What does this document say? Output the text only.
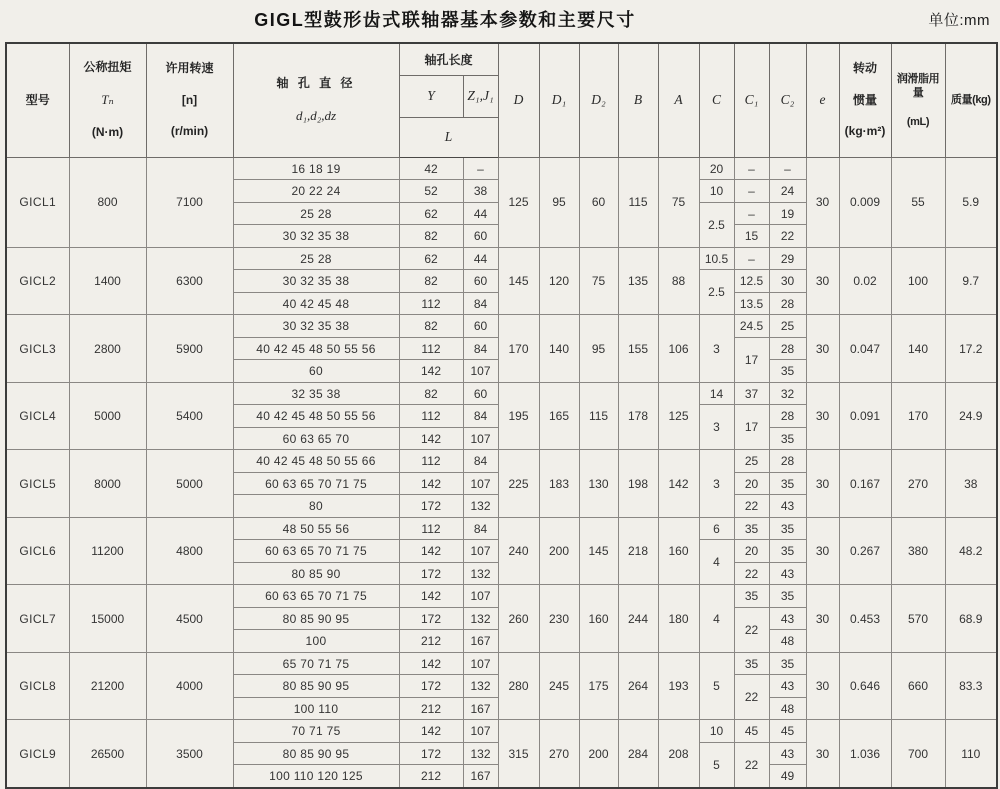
GIGL型鼓形齿式联轴器基本参数和主要尺寸	单位:mm
型号	公称扭矩

Tₙ

(N·m)	许用转速

[n]

(r/min)	轴 孔 直 径

d₁,d₂,dz	轴孔长度		D	D₁	D₂	B	A	C	C₁	C₂	e	转动

惯量

(kg·m²)	润滑脂用量

(mL)	质量(kg)
				Y	Z₁,J₁												
				L													
GICL1	800	7100	16 18 19	42	–	125	95	60	115	75	20	–	–	30	0.009	55	5.9
			20 22 24	52	38						10	–	24				
			25 28	62	44						2.5	–	19				
			30 32 35 38	82	60							15	22				
GICL2	1400	6300	25 28	62	44	145	120	75	135	88	10.5	–	29	30	0.02	100	9.7
			30 32 35 38	82	60						2.5	12.5	30				
			40 42 45 48	112	84							13.5	28				
GICL3	2800	5900	30 32 35 38	82	60	170	140	95	155	106	3	24.5	25	30	0.047	140	17.2
			40 42 45 48 50 55 56	112	84							17	28				
			60	142	107								35				
GICL4	5000	5400	32 35 38	82	60	195	165	115	178	125	14	37	32	30	0.091	170	24.9
			40 42 45 48 50 55 56	112	84						3	17	28				
			60 63 65 70	142	107								35				
GICL5	8000	5000	40 42 45 48 50 55 66	112	84	225	183	130	198	142	3	25	28	30	0.167	270	38
			60 63 65 70 71 75	142	107							20	35				
			80	172	132							22	43				
GICL6	11200	4800	48 50 55 56	112	84	240	200	145	218	160	6	35	35	30	0.267	380	48.2
			60 63 65 70 71 75	142	107						4	20	35				
			80 85 90	172	132							22	43				
GICL7	15000	4500	60 63 65 70 71 75	142	107	260	230	160	244	180	4	35	35	30	0.453	570	68.9
			80 85 90 95	172	132							22	43				
			100	212	167								48				
GICL8	21200	4000	65 70 71 75	142	107	280	245	175	264	193	5	35	35	30	0.646	660	83.3
			80 85 90 95	172	132							22	43				
			100 110	212	167								48				
GICL9	26500	3500	70 71 75	142	107	315	270	200	284	208	10	45	45	30	1.036	700	110
			80 85 90 95	172	132						5	22	43				
			100 110 120 125	212	167								49				
